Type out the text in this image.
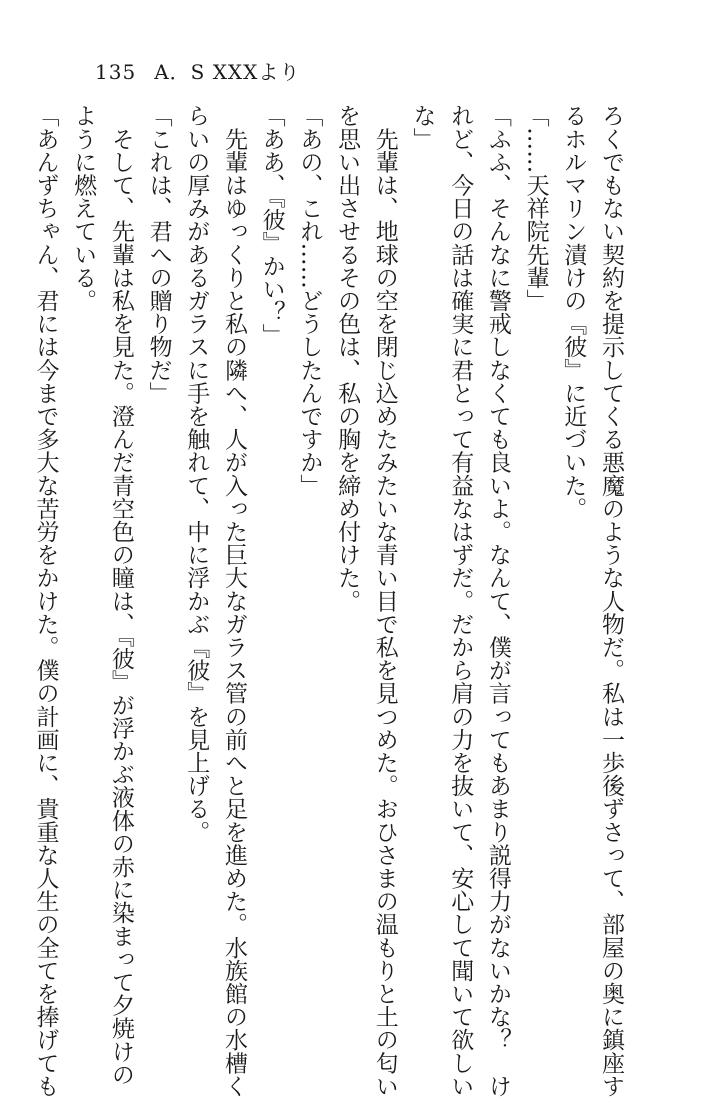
135 A．S XXXより
ろくでもない契約を提示してくる悪魔のような人物だ。私は一歩後ずさって、部屋の奥に鎮座す
るホルマリン漬けの『彼』に近づいた。
「……天祥院先輩」
「ふふ、そんなに警戒しなくても良いよ。なんて、僕が言ってもあまり説得力がないかな？　け
れど、今日の話は確実に君とって有益なはずだ。だから肩の力を抜いて、安心して聞いて欲しい
な」
　先輩は、地球の空を閉じ込めたみたいな青い目で私を見つめた。おひさまの温もりと土の匂い
を思い出させるその色は、私の胸を締め付けた。
「あの、これ……どうしたんですか」
「ああ、『彼』かい？」
　先輩はゆっくりと私の隣へ、人が入った巨大なガラス管の前へと足を進めた。水族館の水槽く
らいの厚みがあるガラスに手を触れて、中に浮かぶ『彼』を見上げる。
「これは、君への贈り物だ」
　そして、先輩は私を見た。澄んだ青空色の瞳は、『彼』が浮かぶ液体の赤に染まって夕焼けの
ように燃えている。
「あんずちゃん、君には今まで多大な苦労をかけた。僕の計画に、貴重な人生の全てを捧げても
